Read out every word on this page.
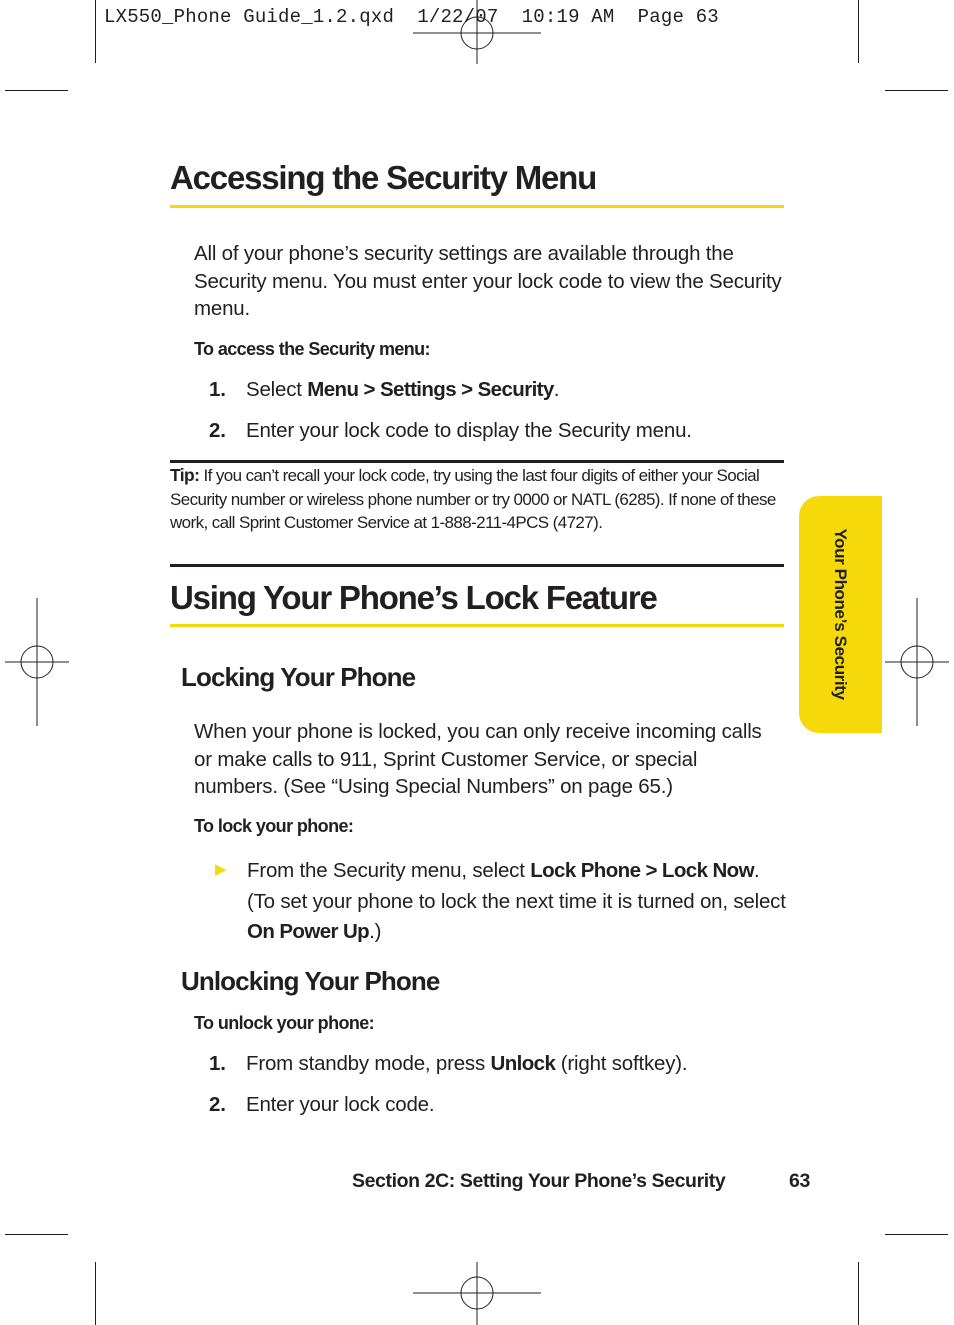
LX550_Phone Guide_1.2.qxd  1/22/07  10:19 AM  Page 63
Accessing the Security Menu

All of your phone’s security settings are available through the Security menu. You must enter your lock code to view the Security menu.

To access the Security menu:

1. Select Menu > Settings > Security.
2. Enter your lock code to display the Security menu.

Tip: If you can’t recall your lock code, try using the last four digits of either your Social Security number or wireless phone number or try 0000 or NATL (6285). If none of these work, call Sprint Customer Service at 1-888-211-4PCS (4727).

Using Your Phone’s Lock Feature
Locking Your Phone

When your phone is locked, you can only receive incoming calls or make calls to 911, Sprint Customer Service, or special numbers. (See “Using Special Numbers” on page 65.)

To lock your phone:

▶ From the Security menu, select Lock Phone > Lock Now. (To set your phone to lock the next time it is turned on, select On Power Up.)
Unlocking Your Phone

To unlock your phone:

1. From standby mode, press Unlock (right softkey).
2. Enter your lock code.
Your Phone’s Security
Section 2C: Setting Your Phone’s Security	63
